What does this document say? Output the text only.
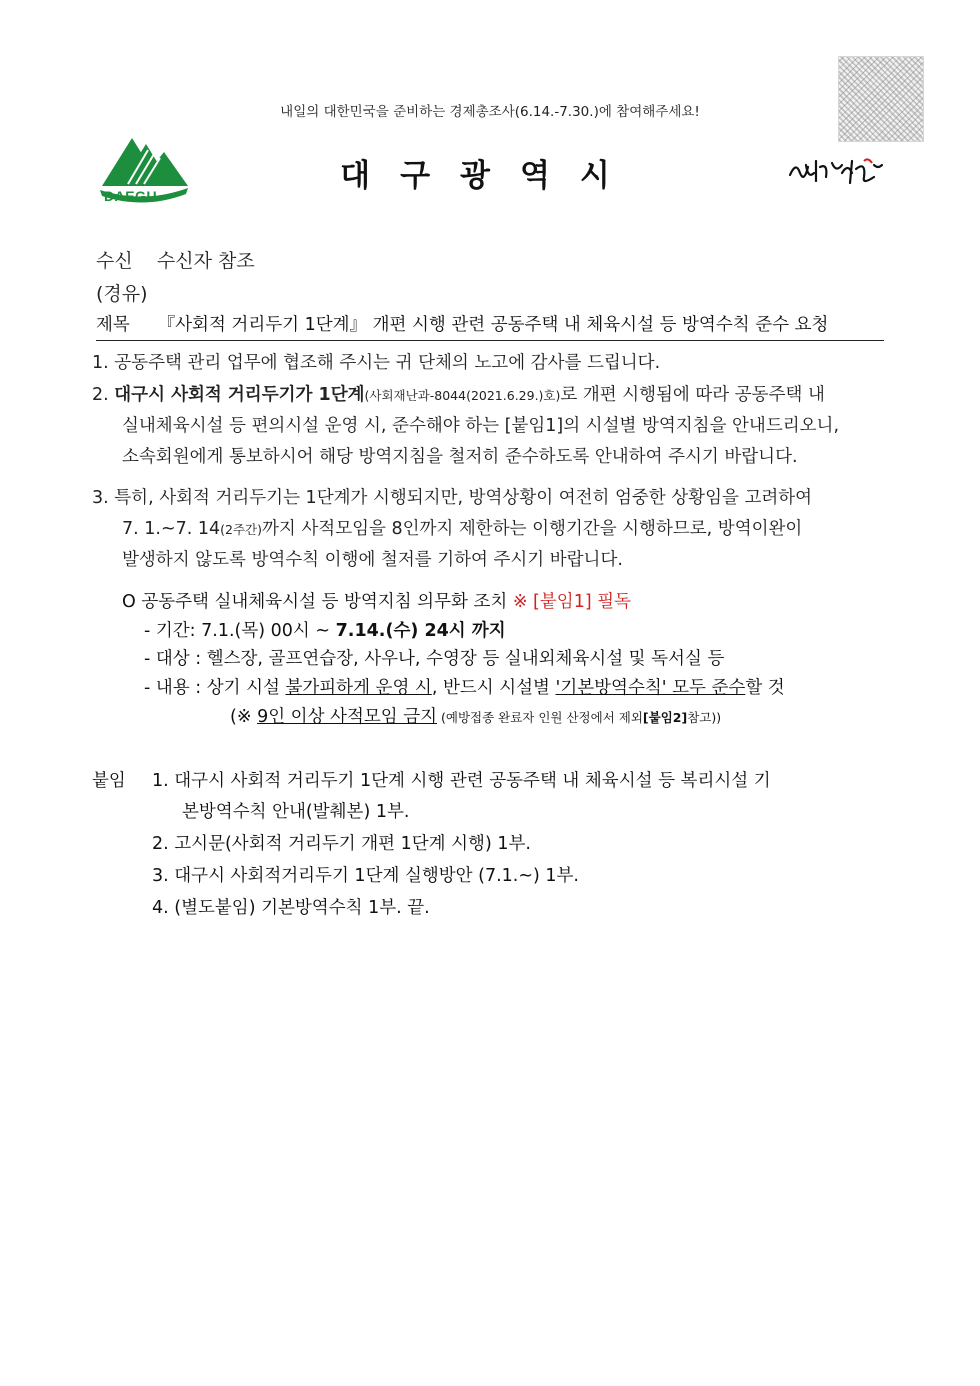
내일의 대한민국을 준비하는 경제총조사(6.14.-7.30.)에 참여해주세요!
DAEGU
대구광역시
수신 수신자 참조
(경유)
제목 『사회적 거리두기 1단계』 개편 시행 관련 공동주택 내 체육시설 등 방역수칙 준수 요청
1. 공동주택 관리 업무에 협조해 주시는 귀 단체의 노고에 감사를 드립니다.
2. 대구시 사회적 거리두기가 1단계(사회재난과-8044(2021.6.29.)호)로 개편 시행됨에 따라 공동주택 내
실내체육시설 등 편의시설 운영 시, 준수해야 하는 [붙임1]의 시설별 방역지침을 안내드리오니,
소속회원에게 통보하시어 해당 방역지침을 철저히 준수하도록 안내하여 주시기 바랍니다.
3. 특히, 사회적 거리두기는 1단계가 시행되지만, 방역상황이 여전히 엄중한 상황임을 고려하여
7. 1.~7. 14(2주간)까지 사적모임을 8인까지 제한하는 이행기간을 시행하므로, 방역이완이
발생하지 않도록 방역수칙 이행에 철저를 기하여 주시기 바랍니다.
O 공동주택 실내체육시설 등 방역지침 의무화 조치 ※ [붙임1] 필독
- 기간: 7.1.(목) 00시 ~ 7.14.(수) 24시 까지
- 대상 : 헬스장, 골프연습장, 사우나, 수영장 등 실내외체육시설 및 독서실 등
- 내용 : 상기 시설 불가피하게 운영 시, 반드시 시설별 '기본방역수칙' 모두 준수할 것
(※ 9인 이상 사적모임 금지 (예방접종 완료자 인원 산정에서 제외[붙임2]참고))
붙임 1. 대구시 사회적 거리두기 1단계 시행 관련 공동주택 내 체육시설 등 복리시설 기
본방역수칙 안내(발췌본) 1부.
2. 고시문(사회적 거리두기 개편 1단계 시행) 1부.
3. 대구시 사회적거리두기 1단계 실행방안 (7.1.~) 1부.
4. (별도붙임) 기본방역수칙 1부. 끝.
